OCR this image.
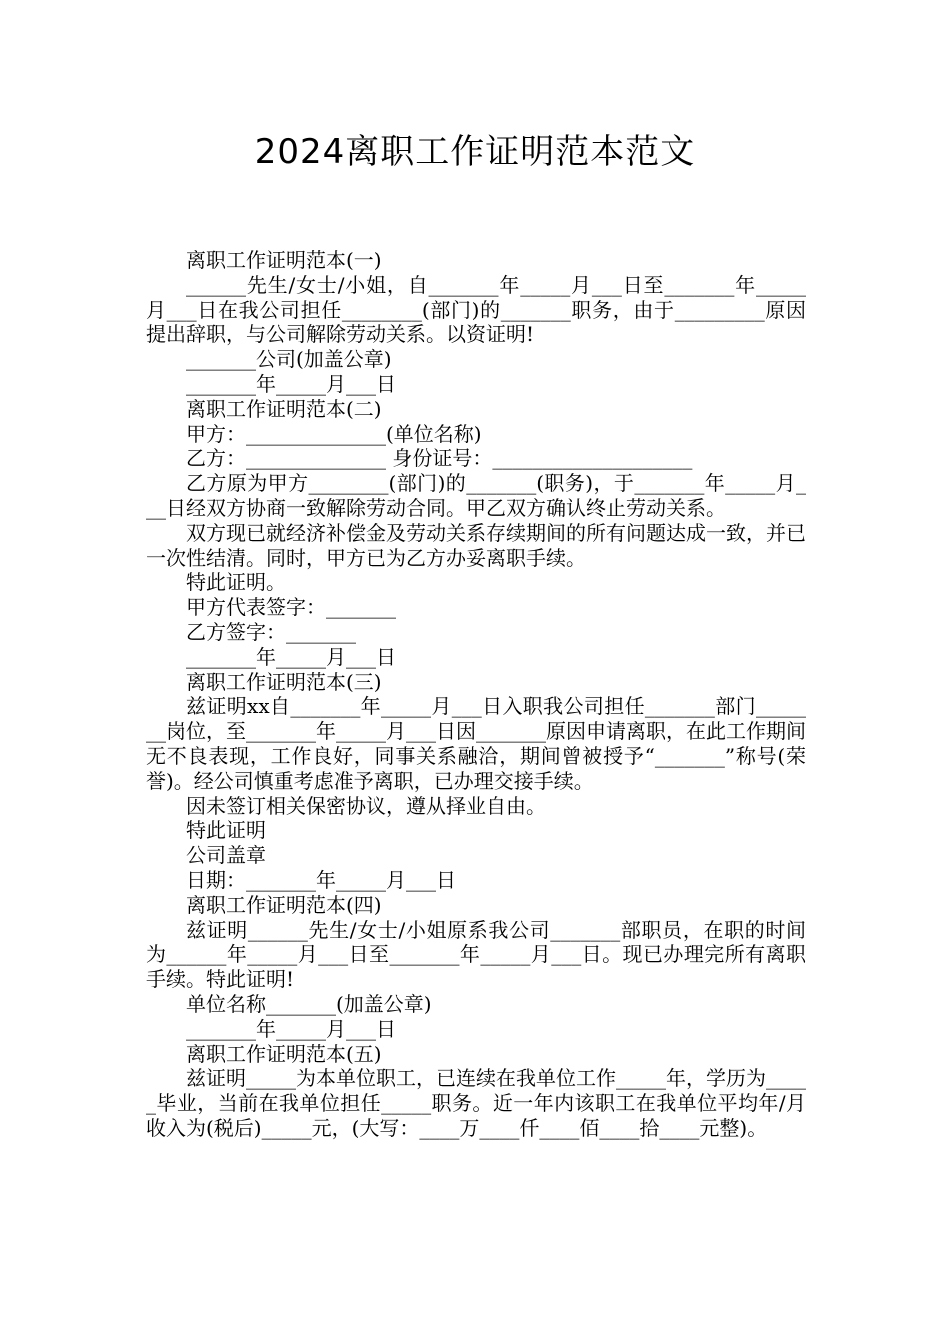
2024离职工作证明范本范文

离职工作证明范本(一)

______先生/女士/小姐，自_______年_____月___日至_______年_____月___日在我公司担任________(部门)的_______职务，由于_________原因提出辞职，与公司解除劳动关系。以资证明!

_______公司(加盖公章)

_______年_____月___日

离职工作证明范本(二)

甲方：______________(单位名称)

乙方：______________ 身份证号：____________________

乙方原为甲方________(部门)的_______(职务)，于_______年_____月___日经双方协商一致解除劳动合同。甲乙双方确认终止劳动关系。

双方现已就经济补偿金及劳动关系存续期间的所有问题达成一致，并已一次性结清。同时，甲方已为乙方办妥离职手续。

特此证明。

甲方代表签字：_______

乙方签字：_______

_______年_____月___日

离职工作证明范本(三)

兹证明xx自_______年_____月___日入职我公司担任_______部门_______岗位，至_______年_____月___日因_______原因申请离职，在此工作期间无不良表现，工作良好，同事关系融洽，期间曾被授予“_______”称号(荣誉)。经公司慎重考虑准予离职，已办理交接手续。

因未签订相关保密协议，遵从择业自由。

特此证明

公司盖章

日期：_______年_____月___日

离职工作证明范本(四)

兹证明______先生/女士/小姐原系我公司_______部职员，在职的时间为______年_____月___日至_______年_____月___日。现已办理完所有离职手续。特此证明!

单位名称_______(加盖公章)

_______年_____月___日

离职工作证明范本(五)

兹证明_____为本单位职工，已连续在我单位工作_____年，学历为_____毕业，当前在我单位担任_____职务。近一年内该职工在我单位平均年/月收入为(税后)_____元，(大写：____万____仟____佰____拾____元整)。
